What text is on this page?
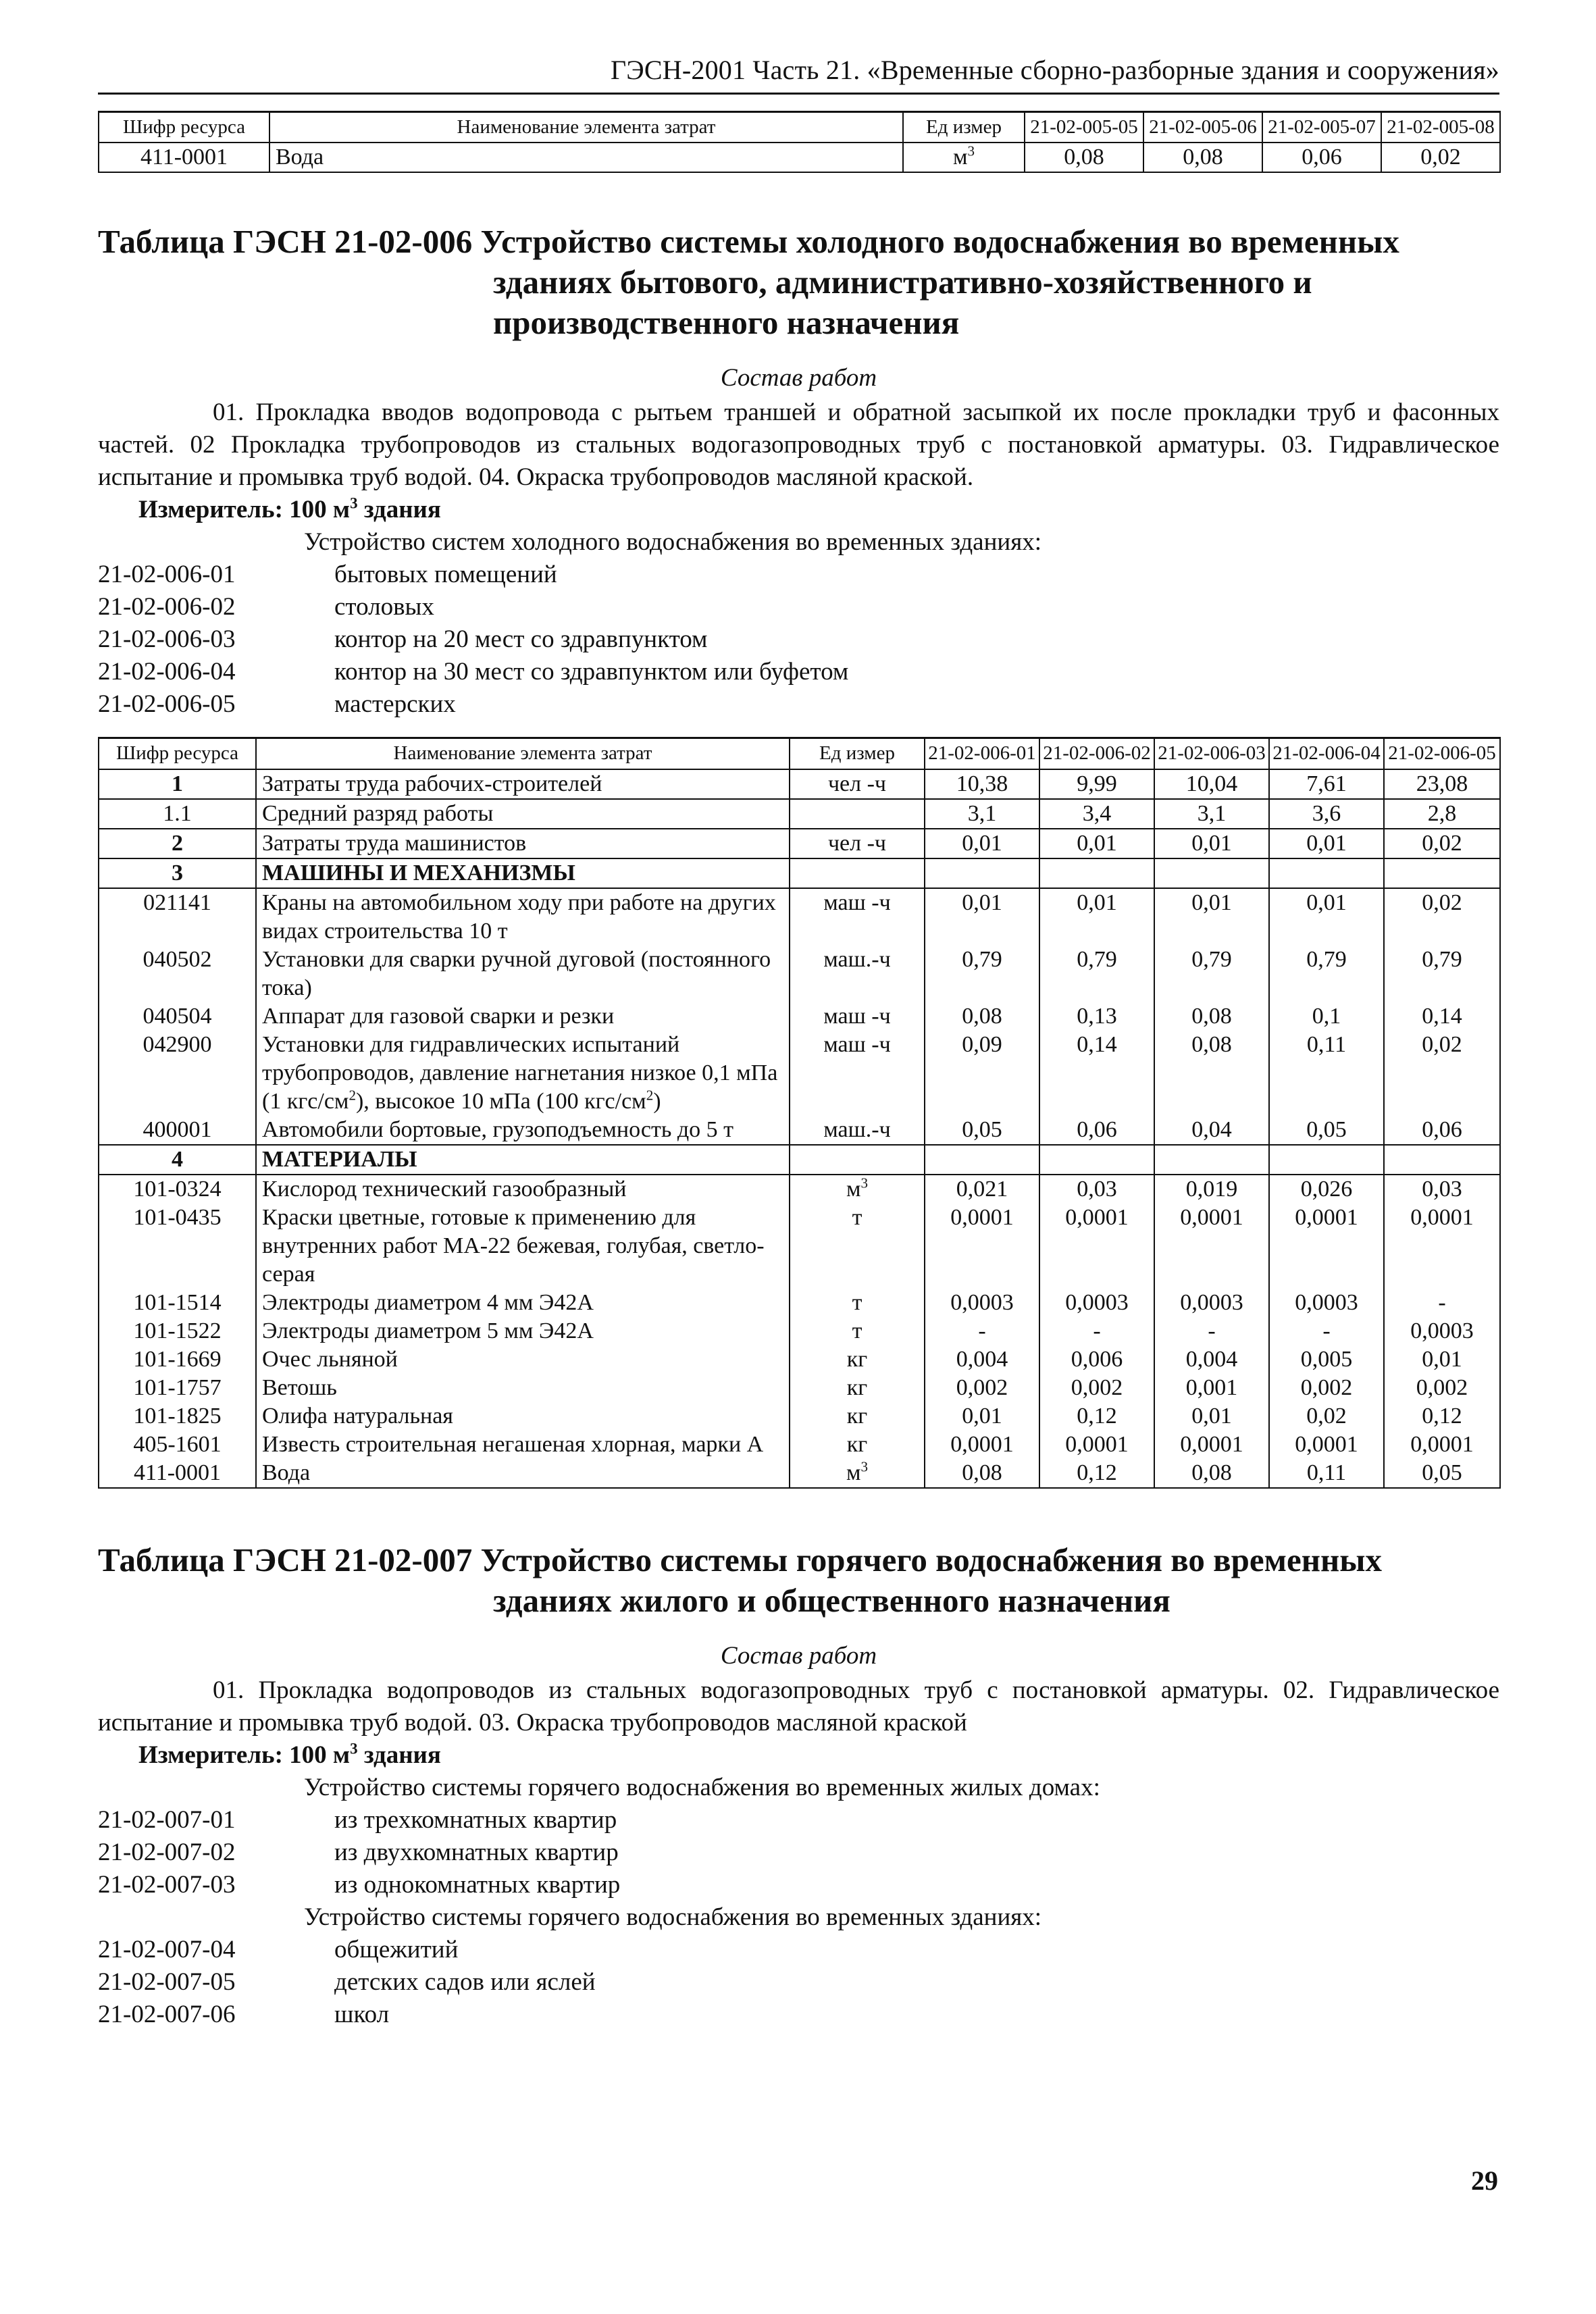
ГЭСН-2001 Часть 21. «Временные сборно-разборные здания и сооружения»
Шифр ресурса	Наименование элемента затрат	Ед измер	21-02-005-05	21-02-005-06	21-02-005-07	21-02-005-08
411-0001	Вода	$м^3$	0,08	0,08	0,06	0,02
Таблица ГЭСН 21-02-006 Устройство системы холодного водоснабжения во временных зданиях бытового, административно-хозяйственного и производственного назначения
Состав работ
01. Прокладка вводов водопровода с рытьем траншей и обратной засыпкой их после прокладки труб и фасонных частей. 02 Прокладка трубопроводов из стальных водогазопроводных труб с постановкой арматуры. 03. Гидравлическое испытание и промывка труб водой. 04. Окраска трубопроводов масляной краской.
Измеритель: 100 $м^3$ здания
Устройство систем холодного водоснабжения во временных зданиях:
21-02-006-01	бытовых помещений
21-02-006-02	столовых
21-02-006-03	контор на 20 мест со здравпунктом
21-02-006-04	контор на 30 мест со здравпунктом или буфетом
21-02-006-05	мастерских
Шифр ресурса	Наименование элемента затрат	Ед измер	21-02-006-01	21-02-006-02	21-02-006-03	21-02-006-04	21-02-006-05
1	Затраты труда рабочих-строителей	чел -ч	10,38	9,99	10,04	7,61	23,08
1.1	Средний разряд работы		3,1	3,4	3,1	3,6	2,8
2	Затраты труда машинистов	чел -ч	0,01	0,01	0,01	0,01	0,02
3	МАШИНЫ И МЕХАНИЗМЫ						
021141	Краны на автомобильном ходу при работе на других видах строительства 10 т	маш -ч	0,01	0,01	0,01	0,01	0,02
040502	Установки для сварки ручной дуговой (постоянного тока)	маш.-ч	0,79	0,79	0,79	0,79	0,79
040504	Аппарат для газовой сварки и резки	маш -ч	0,08	0,13	0,08	0,1	0,14
042900	Установки для гидравлических испытаний трубопроводов, давление нагнетания низкое 0,1 мПа (1 кгс/$см^2$), высокое 10 мПа (100 кгс/$см^2$)	маш -ч	0,09	0,14	0,08	0,11	0,02
400001	Автомобили бортовые, грузоподъемность до 5 т	маш.-ч	0,05	0,06	0,04	0,05	0,06
4	МАТЕРИАЛЫ						
101-0324	Кислород технический газообразный	$м^3$	0,021	0,03	0,019	0,026	0,03
101-0435	Краски цветные, готовые к применению для внутренних работ МА-22 бежевая, голубая, светло-серая	т	0,0001	0,0001	0,0001	0,0001	0,0001
101-1514	Электроды диаметром 4 мм Э42А	т	0,0003	0,0003	0,0003	0,0003	-
101-1522	Электроды диаметром 5 мм Э42А	т	-	-	-	-	0,0003
101-1669	Очес льняной	кг	0,004	0,006	0,004	0,005	0,01
101-1757	Ветошь	кг	0,002	0,002	0,001	0,002	0,002
101-1825	Олифа натуральная	кг	0,01	0,12	0,01	0,02	0,12
405-1601	Известь строительная негашеная хлорная, марки А	кг	0,0001	0,0001	0,0001	0,0001	0,0001
411-0001	Вода	$м^3$	0,08	0,12	0,08	0,11	0,05
Таблица ГЭСН 21-02-007 Устройство системы горячего водоснабжения во временных зданиях жилого и общественного назначения
Состав работ
01. Прокладка водопроводов из стальных водогазопроводных труб с постановкой арматуры. 02. Гидравлическое испытание и промывка труб водой. 03. Окраска трубопроводов масляной краской
Измеритель: 100 $м^3$ здания
Устройство системы горячего водоснабжения во временных жилых домах:
21-02-007-01	из трехкомнатных квартир
21-02-007-02	из двухкомнатных квартир
21-02-007-03	из однокомнатных квартир
Устройство системы горячего водоснабжения во временных зданиях:
21-02-007-04	общежитий
21-02-007-05	детских садов или яслей
21-02-007-06	школ
29
